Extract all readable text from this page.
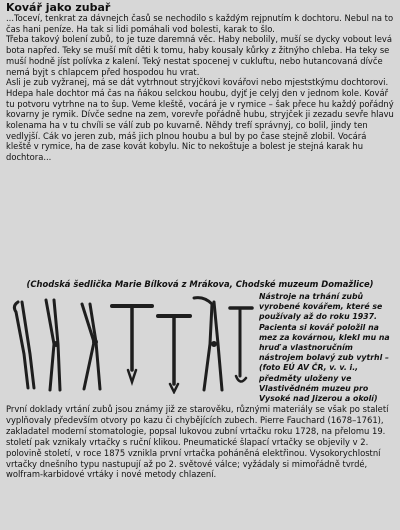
Kovář jako zubař

...Toceví, tenkrat za dávnejch časů se nechodilo s každým rejpnutím k dochtoru. Nebul na to čas hani peníze. Ha tak si lidi pomáhali vod bolesti, karak to šlo.

Třeba takový bolení zubů, to je tuze daremná věc. Haby nebolily, muší se dycky vobout levá bota napřed. Teky se muší mít děti k tomu, haby kousaly kůrky z žitnýho chleba. Ha teky se muší hodně jíst polívka z kalení. Teký nestat spocenej v cukluftu, nebo hutancovaná dívče nemá byjt s chlapcem před hospodou hu vrat.

Asli je zub vyžranej, má se dát vytrhnout stryjčkovi kovářovi nebo mjeststkýmu dochtorovi. Hdepa hale dochtor má čas na ňákou selckou houbu, dyjť je celyj den v jednom kole. Kovář tu potvoru vytrhne na to šup. Veme kleště, vocárá je v rymice – šak přece hu každý pořádný kovarny je rymik. Dívče sedne na zem, vorevře pořádně hubu, stryjček ji zezadu sevře hlavu kolenama ha v tu chvíli se válí zub po kuvarně. Něhdy trefí správnyj, co bolil, jindy ten vedlyjší. Cák vo jeren zub, máš jich plnou houbu a bul by po čase stejně zlobil. Vocárá kleště v rymice, ha de zase kovát kobylu. Nic to nekoštuje a bolest je stejná karak hu dochtora...

(Chodská šedlička Marie Bílková z Mrákova, Chodské muzeum Domažlice)
Nástroje na trhání zubů vyrobené kovářem, které se používaly až do roku 1937. Pacienta si kovář položil na mez za kovárnou, klekl mu na hruď a vlastnoručním nástrojem bolavý zub vytrhl – (foto EÚ AV ČR, v. v. i., předměty uloženy ve Vlastivědném muzeu pro Vysoké nad Jizerou a okolí)

První doklady vrtání zubů jsou známy již ze starověku, různými materiály se však po staletí vyplňovaly především otvory po kazu či chybějících zubech. Pierre Fauchard (1678–1761), zakladatel moderní stomatologie, popsal lukovou zubní vrtačku roku 1728, na přelomu 19. století pak vznikaly vrtačky s ruční klikou. Pneumatické šlapací vrtačky se objevily v 2. polovině století, v roce 1875 vznikla první vrtačka poháněná elektřinou. Vysokorychlostní vrtačky dnešního typu nastupují až po 2. světové válce; vyžádaly si mimořádně tvrdé, wolfram-karbidové vrtáky i nové metody chlazení.
